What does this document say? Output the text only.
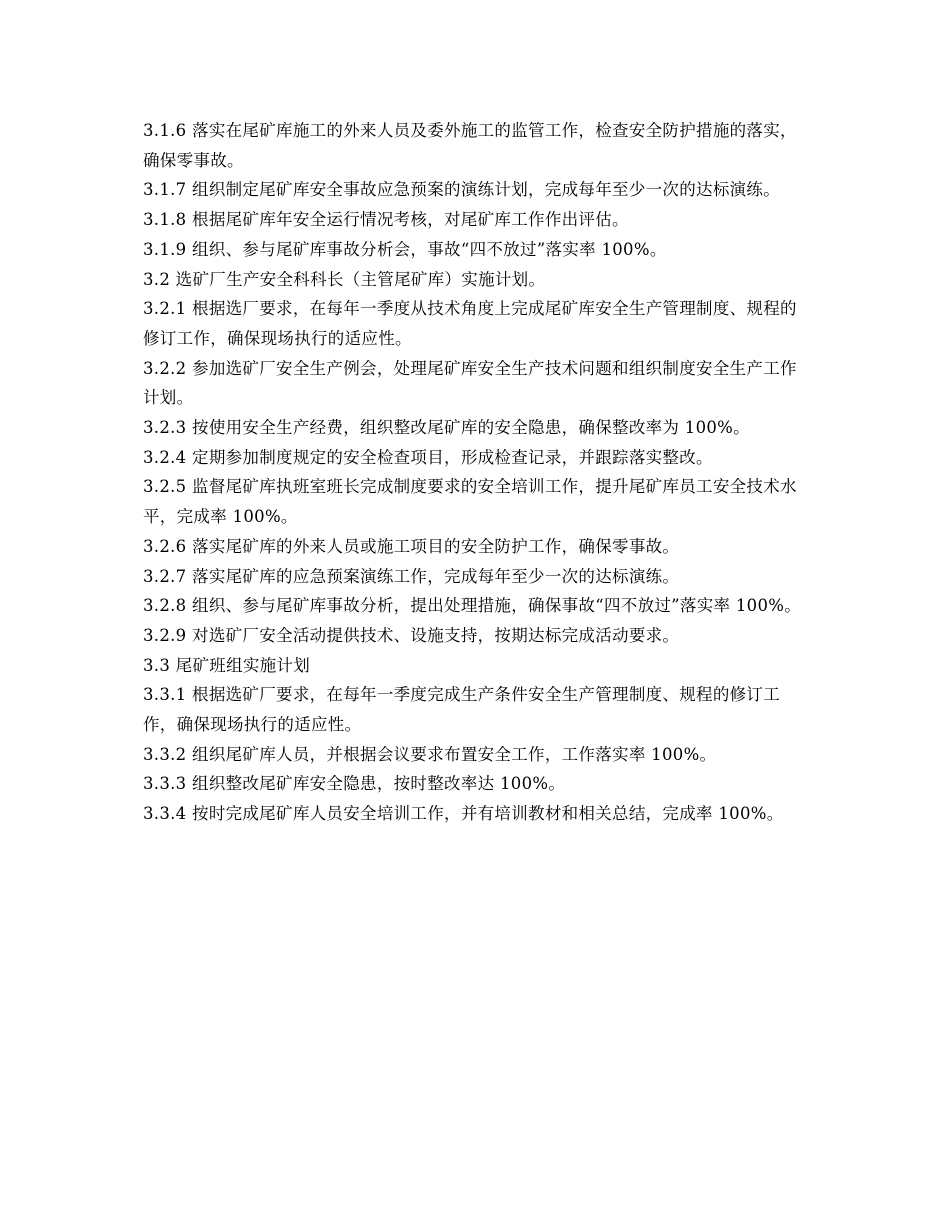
3.1.6 落实在尾矿库施工的外来人员及委外施工的监管工作，检查安全防护措施的落实，确保零事故。

3.1.7 组织制定尾矿库安全事故应急预案的演练计划，完成每年至少一次的达标演练。

3.1.8 根据尾矿库年安全运行情况考核，对尾矿库工作作出评估。

3.1.9 组织、参与尾矿库事故分析会，事故“四不放过”落实率 100%。

3.2 选矿厂生产安全科科长（主管尾矿库）实施计划。

3.2.1 根据选厂要求，在每年一季度从技术角度上完成尾矿库安全生产管理制度、规程的修订工作，确保现场执行的适应性。

3.2.2 参加选矿厂安全生产例会，处理尾矿库安全生产技术问题和组织制度安全生产工作计划。

3.2.3 按使用安全生产经费，组织整改尾矿库的安全隐患，确保整改率为 100%。

3.2.4 定期参加制度规定的安全检查项目，形成检查记录，并跟踪落实整改。

3.2.5 监督尾矿库执班室班长完成制度要求的安全培训工作，提升尾矿库员工安全技术水平，完成率 100%。

3.2.6 落实尾矿库的外来人员或施工项目的安全防护工作，确保零事故。

3.2.7 落实尾矿库的应急预案演练工作，完成每年至少一次的达标演练。

3.2.8 组织、参与尾矿库事故分析，提出处理措施，确保事故“四不放过”落实率 100%。

3.2.9 对选矿厂安全活动提供技术、设施支持，按期达标完成活动要求。

3.3 尾矿班组实施计划

3.3.1 根据选矿厂要求，在每年一季度完成生产条件安全生产管理制度、规程的修订工作，确保现场执行的适应性。

3.3.2 组织尾矿库人员，并根据会议要求布置安全工作，工作落实率 100%。

3.3.3 组织整改尾矿库安全隐患，按时整改率达 100%。

3.3.4 按时完成尾矿库人员安全培训工作，并有培训教材和相关总结，完成率 100%。
